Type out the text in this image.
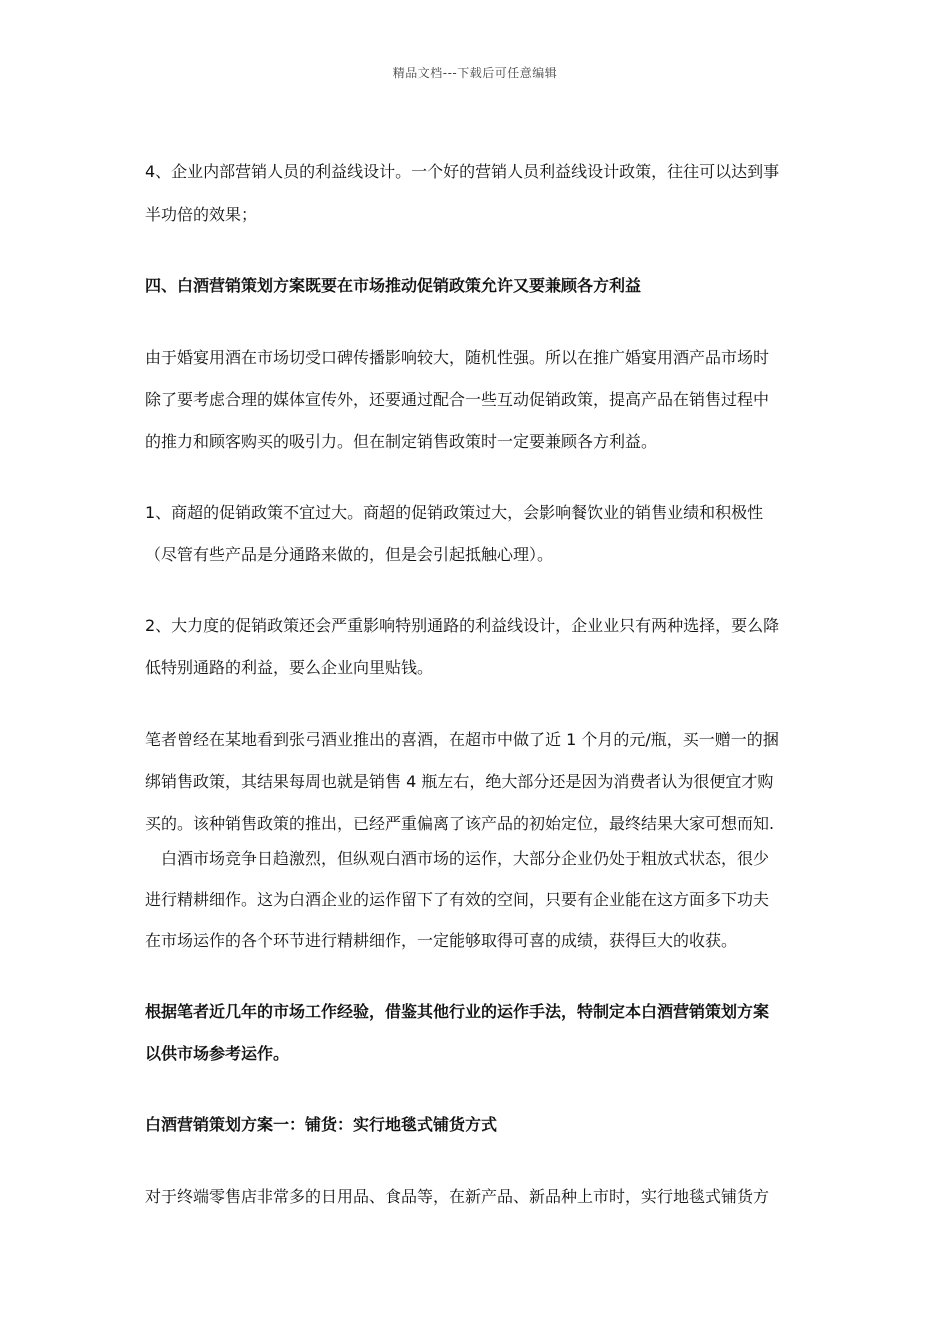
精品文档---下载后可任意编辑
4、企业内部营销人员的利益线设计。一个好的营销人员利益线设计政策，往往可以达到事
半功倍的效果；
四、白酒营销策划方案既要在市场推动促销政策允许又要兼顾各方利益
由于婚宴用酒在市场切受口碑传播影响较大，随机性强。所以在推广婚宴用酒产品市场时
除了要考虑合理的媒体宣传外，还要通过配合一些互动促销政策，提高产品在销售过程中
的推力和顾客购买的吸引力。但在制定销售政策时一定要兼顾各方利益。
1、商超的促销政策不宜过大。商超的促销政策过大，会影响餐饮业的销售业绩和积极性
（尽管有些产品是分通路来做的，但是会引起抵触心理）。
2、大力度的促销政策还会严重影响特别通路的利益线设计，企业业只有两种选择，要么降
低特别通路的利益，要么企业向里贴钱。
笔者曾经在某地看到张弓酒业推出的喜酒，在超市中做了近 1 个月的元/瓶，买一赠一的捆
绑销售政策，其结果每周也就是销售 4 瓶左右，绝大部分还是因为消费者认为很便宜才购
买的。该种销售政策的推出，已经严重偏离了该产品的初始定位，最终结果大家可想而知.
　白酒市场竞争日趋激烈，但纵观白酒市场的运作，大部分企业仍处于粗放式状态，很少
进行精耕细作。这为白酒企业的运作留下了有效的空间，只要有企业能在这方面多下功夫
在市场运作的各个环节进行精耕细作，一定能够取得可喜的成绩，获得巨大的收获。
根据笔者近几年的市场工作经验，借鉴其他行业的运作手法，特制定本白酒营销策划方案
以供市场参考运作。
白酒营销策划方案一：铺货：实行地毯式铺货方式
对于终端零售店非常多的日用品、食品等，在新产品、新品种上市时，实行地毯式铺货方
